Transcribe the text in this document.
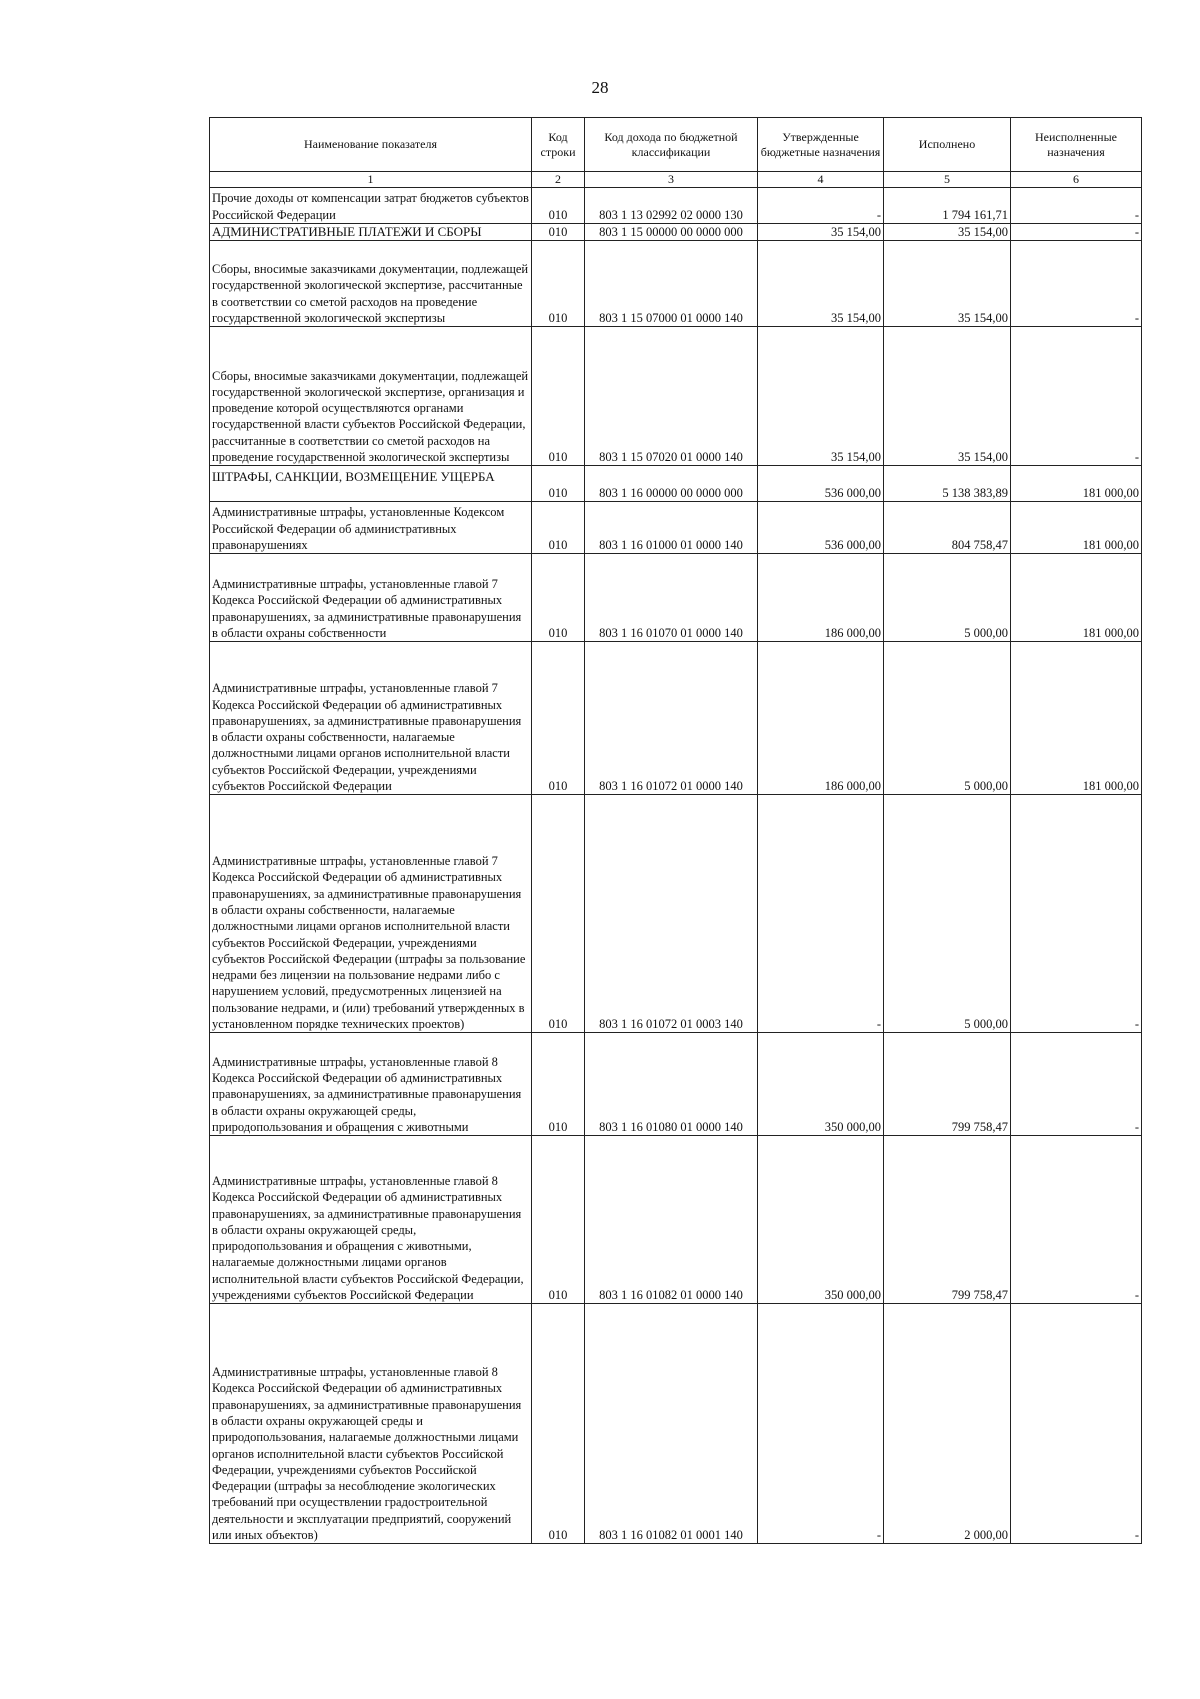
28
Наименование показателя	Код строки	Код дохода по бюджетной классификации	Утвержденные бюджетные назначения	Исполнено	Неисполненные назначения
1	2	3	4	5	6
Прочие доходы от компенсации затрат бюджетов субъектов Российской Федерации	010	803 1 13 02992 02 0000 130	-	1 794 161,71	-
АДМИНИСТРАТИВНЫЕ ПЛАТЕЖИ И СБОРЫ	010	803 1 15 00000 00 0000 000	35 154,00	35 154,00	-
Сборы, вносимые заказчиками документации, подлежащей государственной экологической экспертизе, рассчитанные в соответствии со сметой расходов на проведение государственной экологической экспертизы	010	803 1 15 07000 01 0000 140	35 154,00	35 154,00	-
Сборы, вносимые заказчиками документации, подлежащей государственной экологической экспертизе, организация и проведение которой осуществляются органами государственной власти субъектов Российской Федерации, рассчитанные в соответствии со сметой расходов на проведение государственной экологической экспертизы	010	803 1 15 07020 01 0000 140	35 154,00	35 154,00	-
ШТРАФЫ, САНКЦИИ, ВОЗМЕЩЕНИЕ УЩЕРБА	010	803 1 16 00000 00 0000 000	536 000,00	5 138 383,89	181 000,00
Административные штрафы, установленные Кодексом Российской Федерации об административных правонарушениях	010	803 1 16 01000 01 0000 140	536 000,00	804 758,47	181 000,00
Административные штрафы, установленные главой 7 Кодекса Российской Федерации об административных правонарушениях, за административные правонарушения в области охраны собственности	010	803 1 16 01070 01 0000 140	186 000,00	5 000,00	181 000,00
Административные штрафы, установленные главой 7 Кодекса Российской Федерации об административных правонарушениях, за административные правонарушения в области охраны собственности, налагаемые должностными лицами органов исполнительной власти субъектов Российской Федерации, учреждениями субъектов Российской Федерации	010	803 1 16 01072 01 0000 140	186 000,00	5 000,00	181 000,00
Административные штрафы, установленные главой 7 Кодекса Российской Федерации об административных правонарушениях, за административные правонарушения в области охраны собственности, налагаемые должностными лицами органов исполнительной власти субъектов Российской Федерации, учреждениями субъектов Российской Федерации (штрафы за пользование недрами без лицензии на пользование недрами либо с нарушением условий, предусмотренных лицензией на пользование недрами, и (или) требований утвержденных в установленном порядке технических проектов)	010	803 1 16 01072 01 0003 140	-	5 000,00	-
Административные штрафы, установленные главой 8 Кодекса Российской Федерации об административных правонарушениях, за административные правонарушения в области охраны окружающей среды, природопользования и обращения с животными	010	803 1 16 01080 01 0000 140	350 000,00	799 758,47	-
Административные штрафы, установленные главой 8 Кодекса Российской Федерации об административных правонарушениях, за административные правонарушения в области охраны окружающей среды, природопользования и обращения с животными, налагаемые должностными лицами органов исполнительной власти субъектов Российской Федерации, учреждениями субъектов Российской Федерации	010	803 1 16 01082 01 0000 140	350 000,00	799 758,47	-
Административные штрафы, установленные главой 8 Кодекса Российской Федерации об административных правонарушениях, за административные правонарушения в области охраны окружающей среды и природопользования, налагаемые должностными лицами органов исполнительной власти субъектов Российской Федерации, учреждениями субъектов Российской Федерации (штрафы за несоблюдение экологических требований при осуществлении градостроительной деятельности и эксплуатации предприятий, сооружений или иных объектов)	010	803 1 16 01082 01 0001 140	-	2 000,00	-
